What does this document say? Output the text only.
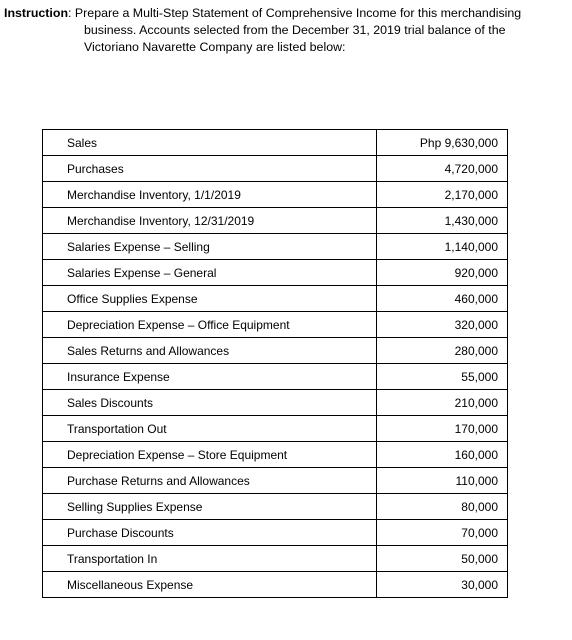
Instruction: Prepare a Multi-Step Statement of Comprehensive Income for this merchandising
business. Accounts selected from the December 31, 2019 trial balance of the
Victoriano Navarette Company are listed below:
Sales	Php 9,630,000
Purchases	4,720,000
Merchandise Inventory, 1/1/2019	2,170,000
Merchandise Inventory, 12/31/2019	1,430,000
Salaries Expense – Selling	1,140,000
Salaries Expense – General	920,000
Office Supplies Expense	460,000
Depreciation Expense – Office Equipment	320,000
Sales Returns and Allowances	280,000
Insurance Expense	55,000
Sales Discounts	210,000
Transportation Out	170,000
Depreciation Expense – Store Equipment	160,000
Purchase Returns and Allowances	110,000
Selling Supplies Expense	80,000
Purchase Discounts	70,000
Transportation In	50,000
Miscellaneous Expense	30,000
